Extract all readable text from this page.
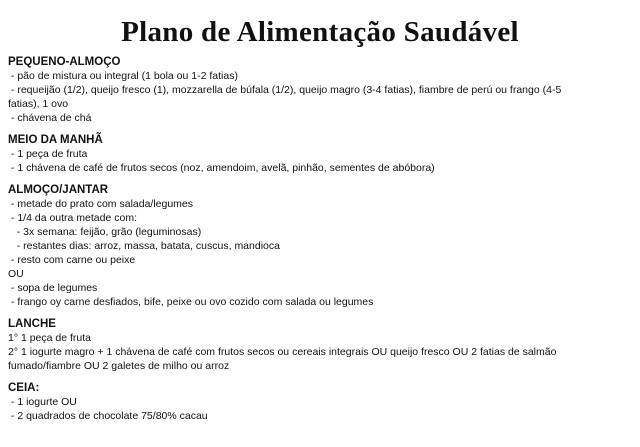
Plano de Alimentação Saudável

PEQUENO-ALMOÇO

- pão de mistura ou integral (1 bola ou 1-2 fatias)

- requeijão (1/2), queijo fresco (1), mozzarella de búfala (1/2), queijo magro (3-4 fatias), fiambre de perú ou frango (4-5

fatias), 1 ovo

- chávena de chá

MEIO DA MANHÃ

- 1 peça de fruta

- 1 chávena de café de frutos secos (noz, amendoim, avelã, pinhão, sementes de abóbora)

ALMOÇO/JANTAR

- metade do prato com salada/legumes

- 1/4 da outra metade com:

- 3x semana: feijão, grão (leguminosas)

- restantes dias: arroz, massa, batata, cuscus, mandioca

- resto com carne ou peixe

OU

- sopa de legumes

- frango oy carne desfiados, bife, peixe ou ovo cozido com salada ou legumes

LANCHE

1° 1 peça de fruta

2° 1 iogurte magro + 1 chávena de café com frutos secos ou cereais integrais OU queijo fresco OU 2 fatias de salmão

fumado/fiambre OU 2 galetes de milho ou arroz

CEIA:

- 1 iogurte OU

- 2 quadrados de chocolate 75/80% cacau
